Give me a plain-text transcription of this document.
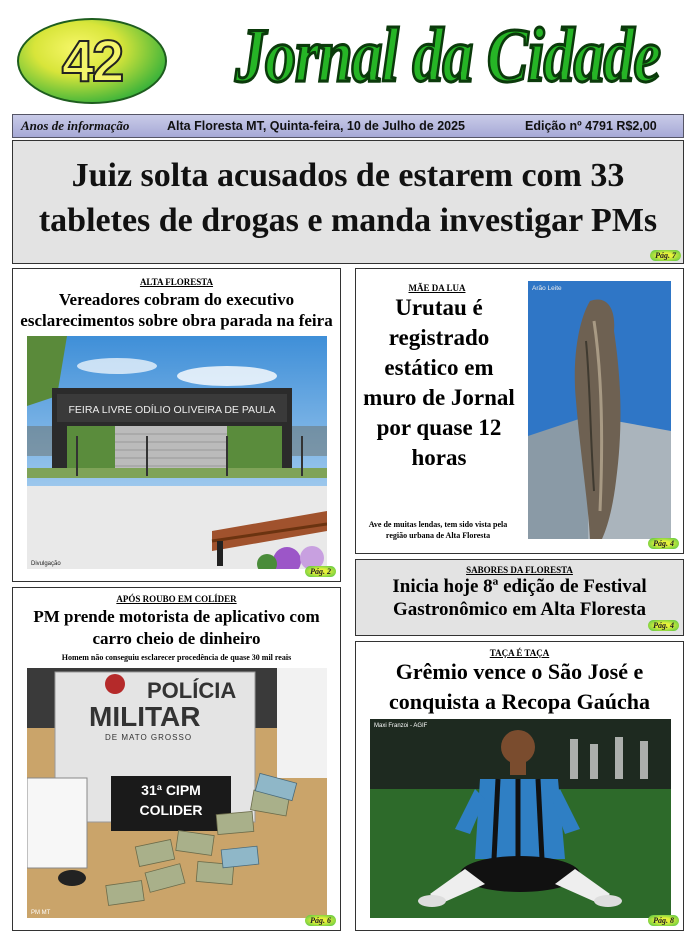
42 Jornal da Cidade
Anos de informação	Alta Floresta MT, Quinta-feira, 10 de Julho de 2025	Edição nº 4791 R$2,00
Juiz solta acusados de estarem com 33 tabletes de drogas e manda investigar PMs
Pág. 7
ALTA FLORESTA
Vereadores cobram do executivo esclarecimentos sobre obra parada na feira
FEIRA LIVRE ODÍLIO OLIVEIRA DE PAULA
Divulgação
Pág. 2
MÃE DA LUA
Urutau é registrado estático em muro de Jornal por quase 12 horas
Ave de muitas lendas, tem sido vista pela região urbana de Alta Floresta
Arão Leite
Pág. 4
SABORES DA FLORESTA
Inicia hoje 8ª edição de Festival Gastronômico em Alta Floresta
Pág. 4
APÓS ROUBO EM COLÍDER
PM prende motorista de aplicativo com carro cheio de dinheiro
Homem não conseguiu esclarecer procedência de quase 30 mil reais
POLÍCIA
MILITAR
DE MATO GROSSO
31ª CIPM
COLIDER
PM MT
Pág. 6
TAÇA É TAÇA
Grêmio vence o São José e conquista a Recopa Gaúcha
Maxi Franzoi - AGIF
Pág. 8
